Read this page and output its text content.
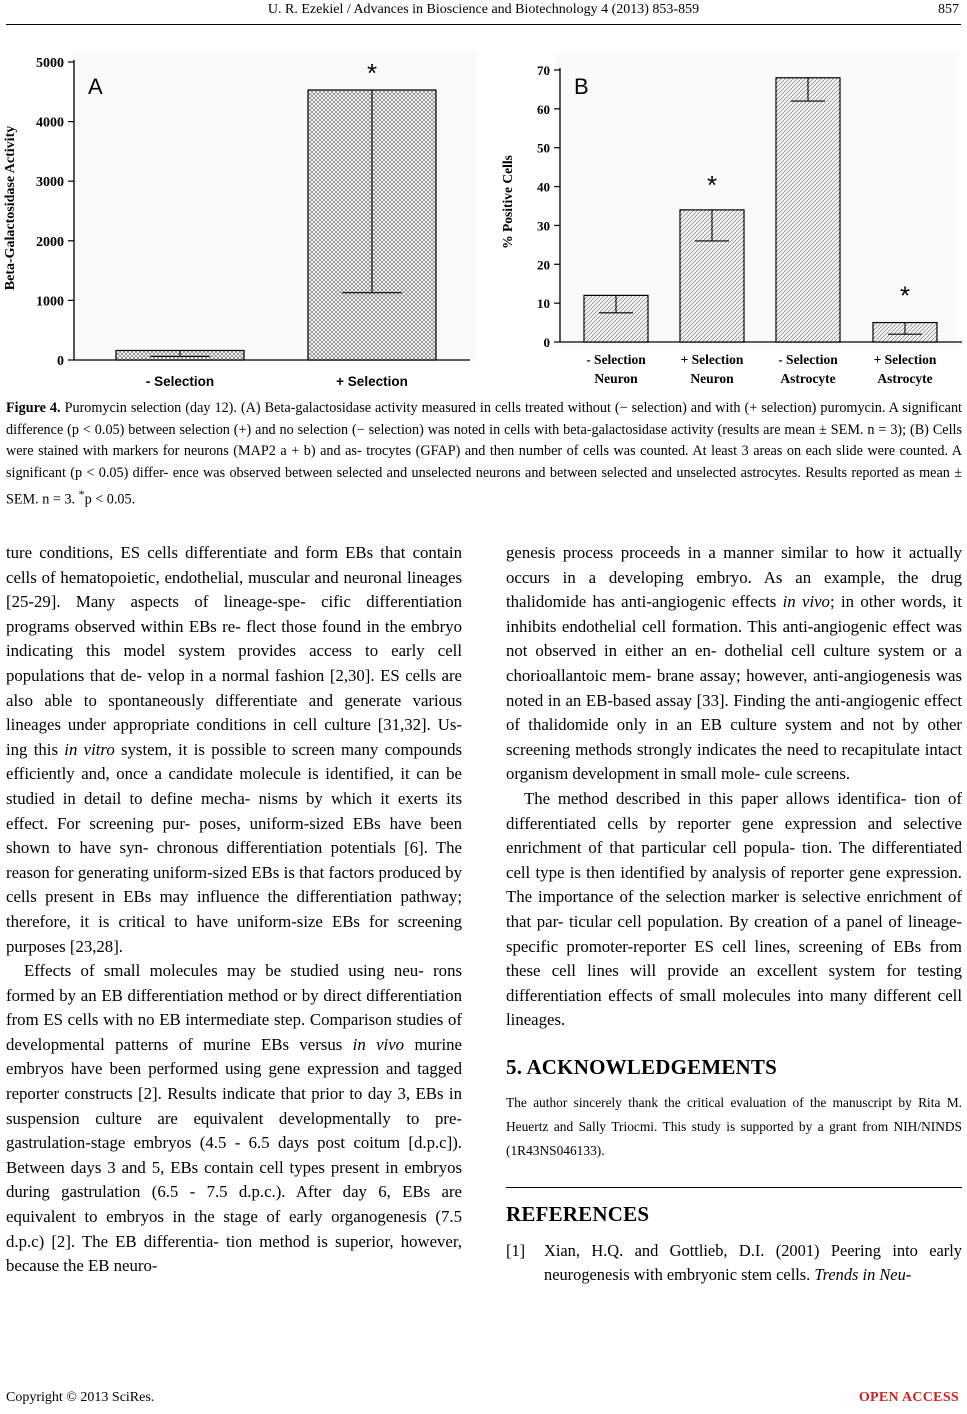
U. R. Ezekiel / Advances in Bioscience and Biotechnology 4 (2013) 853-859	857
A
Beta-Galactosidase Activity
0
1000
2000
3000
4000
5000
- Selection
*
+ Selection
B
% Positive Cells
0
10
20
30
40
50
60
70
- Selection
Neuron
*
+ Selection
Neuron
- Selection
Astrocyte
*
+ Selection
Astrocyte
Figure 4. Puromycin selection (day 12). (A) Beta-galactosidase activity measured in cells treated without (− selection) and with (+ selection) puromycin. A significant difference (p < 0.05) between selection (+) and no selection (− selection) was noted in cells with beta-galactosidase activity (results are mean ± SEM. n = 3); (B) Cells were stained with markers for neurons (MAP2 a + b) and as- trocytes (GFAP) and then number of cells was counted. At least 3 areas on each slide were counted. A significant (p < 0.05) differ- ence was observed between selected and unselected neurons and between selected and unselected astrocytes. Results reported as mean ± SEM. n = 3. *p < 0.05.

ture conditions, ES cells differentiate and form EBs that contain cells of hematopoietic, endothelial, muscular and neuronal lineages [25-29]. Many aspects of lineage-spe- cific differentiation programs observed within EBs re- flect those found in the embryo indicating this model system provides access to early cell populations that de- velop in a normal fashion [2,30]. ES cells are also able to spontaneously differentiate and generate various lineages under appropriate conditions in cell culture [31,32]. Us- ing this in vitro system, it is possible to screen many compounds efficiently and, once a candidate molecule is identified, it can be studied in detail to define mecha- nisms by which it exerts its effect. For screening pur- poses, uniform-sized EBs have been shown to have syn- chronous differentiation potentials [6]. The reason for generating uniform-sized EBs is that factors produced by cells present in EBs may influence the differentiation pathway; therefore, it is critical to have uniform-size EBs for screening purposes [23,28].

Effects of small molecules may be studied using neu- rons formed by an EB differentiation method or by direct differentiation from ES cells with no EB intermediate step. Comparison studies of developmental patterns of murine EBs versus in vivo murine embryos have been performed using gene expression and tagged reporter constructs [2]. Results indicate that prior to day 3, EBs in suspension culture are equivalent developmentally to pre- gastrulation-stage embryos (4.5 - 6.5 days post coitum [d.p.c]). Between days 3 and 5, EBs contain cell types present in embryos during gastrulation (6.5 - 7.5 d.p.c.). After day 6, EBs are equivalent to embryos in the stage of early organogenesis (7.5 d.p.c) [2]. The EB differentia- tion method is superior, however, because the EB neuro-

genesis process proceeds in a manner similar to how it actually occurs in a developing embryo. As an example, the drug thalidomide has anti-angiogenic effects in vivo; in other words, it inhibits endothelial cell formation. This anti-angiogenic effect was not observed in either an en- dothelial cell culture system or a chorioallantoic mem- brane assay; however, anti-angiogenesis was noted in an EB-based assay [33]. Finding the anti-angiogenic effect of thalidomide only in an EB culture system and not by other screening methods strongly indicates the need to recapitulate intact organism development in small mole- cule screens.

The method described in this paper allows identifica- tion of differentiated cells by reporter gene expression and selective enrichment of that particular cell popula- tion. The differentiated cell type is then identified by analysis of reporter gene expression. The importance of the selection marker is selective enrichment of that par- ticular cell population. By creation of a panel of lineage- specific promoter-reporter ES cell lines, screening of EBs from these cell lines will provide an excellent system for testing differentiation effects of small molecules into many different cell lineages.

5. ACKNOWLEDGEMENTS
The author sincerely thank the critical evaluation of the manuscript by Rita M. Heuertz and Sally Triocmi. This study is supported by a grant from NIH/NINDS (1R43NS046133).
REFERENCES
[1]	Xian, H.Q. and Gottlieb, D.I. (2001) Peering into early neurogenesis with embryonic stem cells. Trends in Neu-
Copyright © 2013 SciRes.	OPEN ACCESS
